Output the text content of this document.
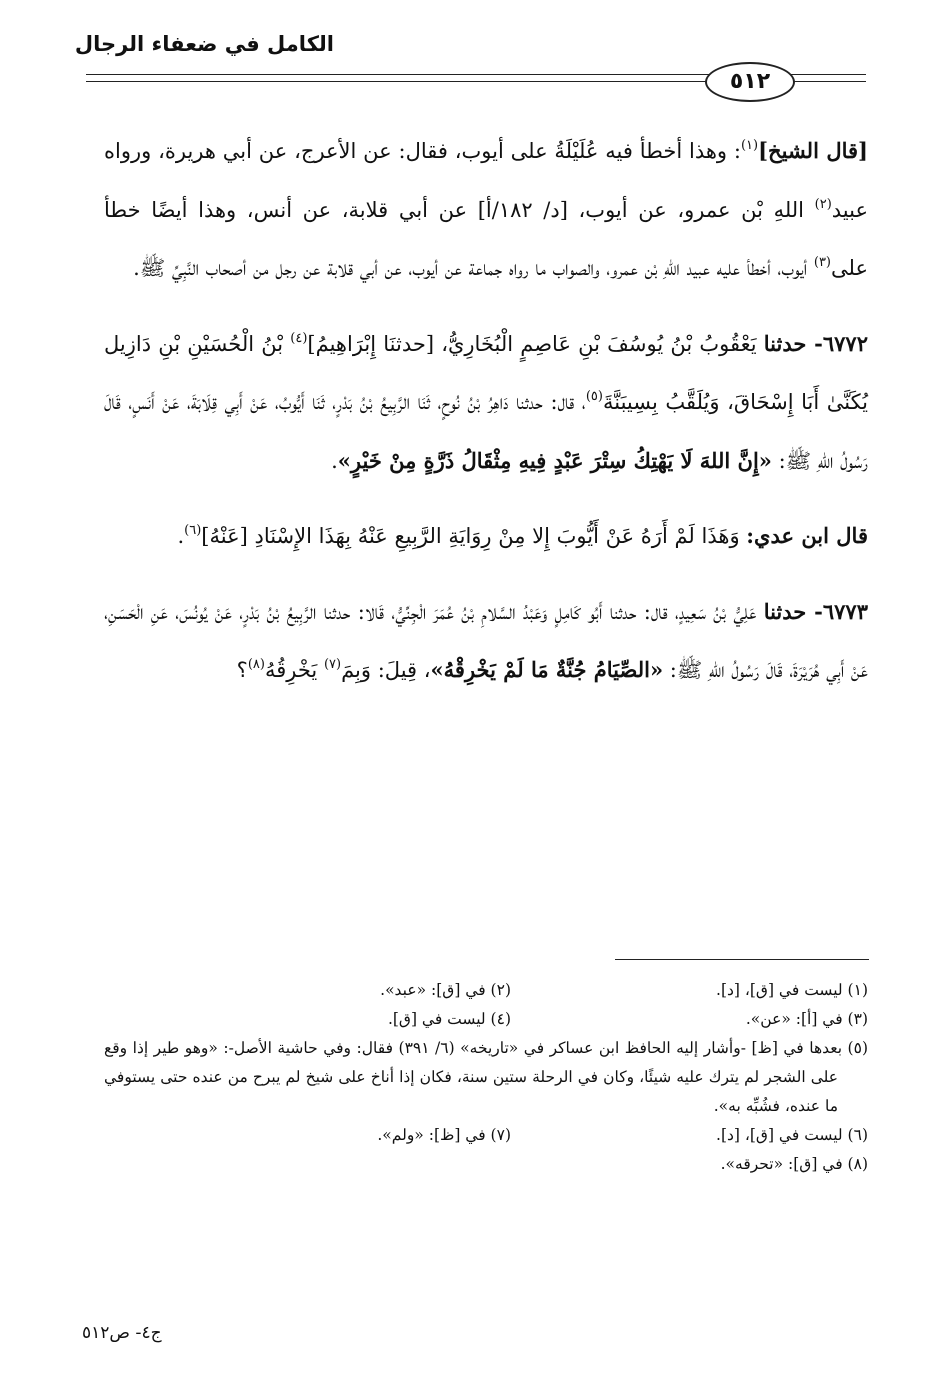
الكامل في ضعفاء الرجال
٥١٢

[قال الشيخ]$^{(١)}$: وهذا أخطأ فيه عُلَيْلَةُ على أيوب، فقال: عن الأعرج، عن أبي هريرة، ورواه عبيد$^{(٢)}$ اللهِ بْن عمرو، عن أيوب، [د/ ١٨٢/أ] عن أبي قلابة، عن أنس، وهذا أيضًا خطأ على$^{(٣)}$ أيوب، أخطأ عليه عبيد اللهِ بْن عمرو، والصواب ما رواه جماعة عن أيوب، عن أبي قلابة عن رجل من أصحاب النَّبِيِّ ﷺ.

٦٧٧٢- حدثنا يَعْقُوبُ بْنُ يُوسُفَ بْنِ عَاصِمٍ الْبُخَارِيُّ، [حدثنَا إِبْرَاهِيمُ]$^{(٤)}$ بْنُ الْحُسَيْنِ بْنِ دَازِيل يُكَنَّىٰ أَبَا إِسْحَاقَ، وَيُلَقَّبُ بِسِيبَنَّةَ$^{(٥)}$، قال: حدثنا دَاهِرُ بْنُ نُوحٍ، ثَنَا الرَّبِيعُ بْنُ بَدْرٍ، ثَنَا أَيُّوبُ، عَنْ أَبِي قِلَابَةَ، عَنْ أَنَسٍ، قَالَ رَسُولُ اللهِ ﷺ: «إِنَّ اللهَ لَا يَهْتِكُ سِتْرَ عَبْدٍ فِيهِ مِثْقَالُ ذَرَّةٍ مِنْ خَيْرٍ».

قال ابن عدي: وَهَذَا لَمْ أَرَهُ عَنْ أَيُّوبَ إِلا مِنْ رِوَايَةِ الرَّبِيعِ عَنْهُ بِهَذَا الإِسْنَادِ [عَنْهُ]$^{(٦)}$.

٦٧٧٣- حدثنا عَلِيُّ بْنُ سَعِيدٍ، قال: حدثنا أَبُو كَامِلٍ وَعَبْدُ السَّلامِ بْنُ عُمَرَ الْجِنِّيُّ، قَالا: حدثنا الرَّبِيعُ بْنُ بَدْرٍ، عَنْ يُونُسَ، عَنِ الْحَسَنِ، عَنْ أَبِي هُرَيْرَةَ، قَالَ رَسُولُ اللهِ ﷺ: «الصِّيَامُ جُنَّةٌ مَا لَمْ يَخْرِقْهُ»، قِيلَ: وَبِمَ$^{(٧)}$ يَخْرِقُهُ$^{(٨)}$؟

(١) ليست في [ق]، [د].
(٢) في [ق]: «عبد».
(٣) في [أ]: «عن».
(٤) ليست في [ق].
(٥) بعدها في [ظ] -وأشار إليه الحافظ ابن عساكر في «تاريخه» (٦/ ٣٩١) فقال: وفي حاشية الأصل-: «وهو طير إذا وقع على الشجر لم يترك عليه شيئًا، وكان في الرحلة ستين سنة، فكان إذا أناخ على شيخ لم يبرح من عنده حتى يستوفي ما عنده، فشُبِّه به».
(٦) ليست في [ق]، [د].
(٧) في [ظ]: «ولم».
(٨) في [ق]: «تحرقه».
ج٤- ص٥١٢
